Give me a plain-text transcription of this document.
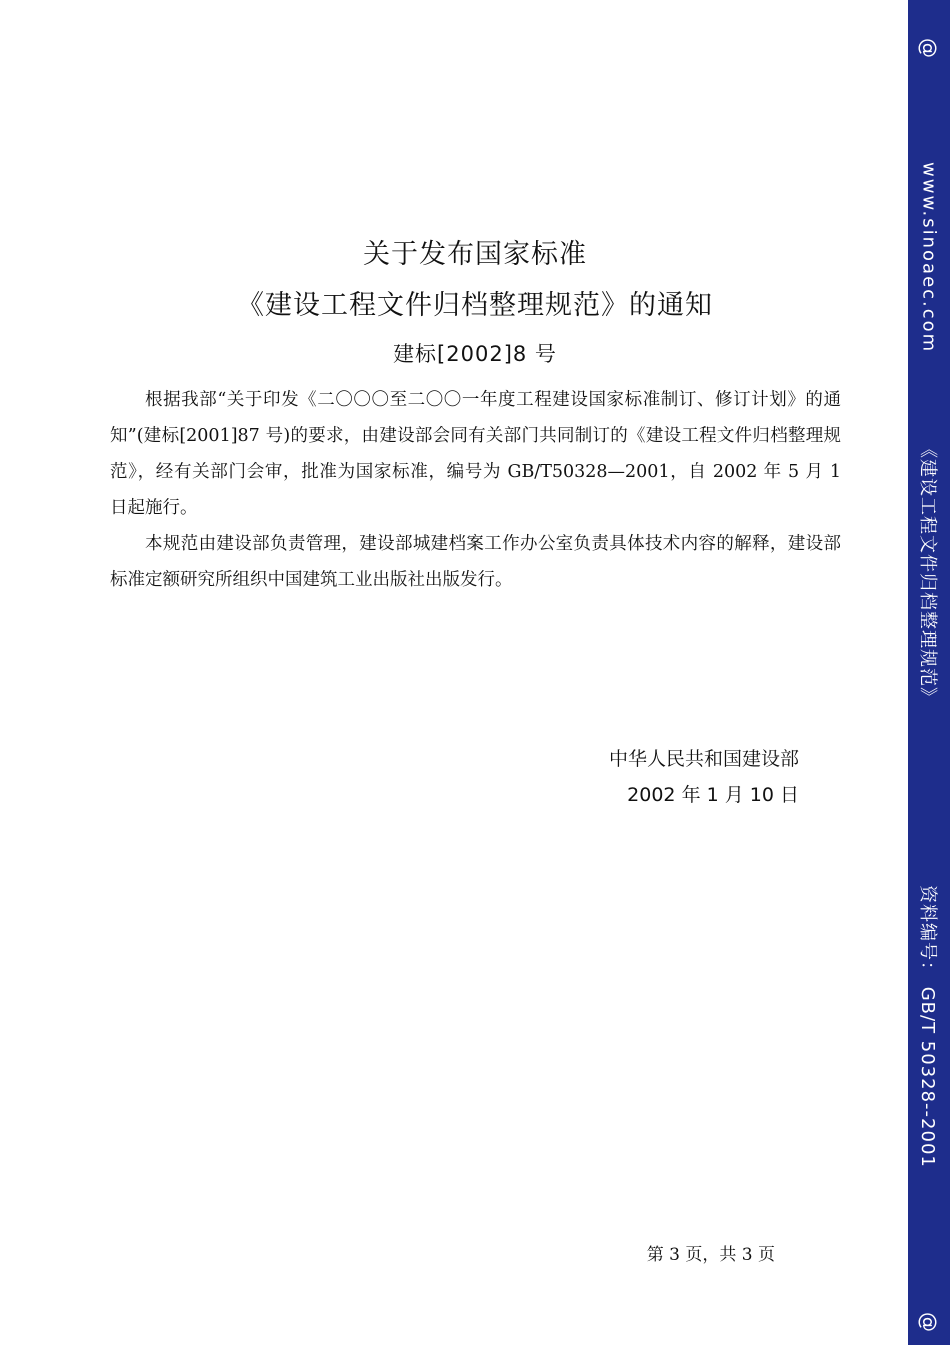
关于发布国家标准
《建设工程文件归档整理规范》的通知
建标[2002]8 号

根据我部“关于印发《二〇〇〇至二〇〇一年度工程建设国家标准制订、修订计划》的通知”(建标[2001]87 号)的要求，由建设部会同有关部门共同制订的《建设工程文件归档整理规范》，经有关部门会审，批准为国家标准，编号为 GB/T50328—2001，自 2002 年 5 月 1 日起施行。

本规范由建设部负责管理，建设部城建档案工作办公室负责具体技术内容的解释，建设部标准定额研究所组织中国建筑工业出版社出版发行。

中华人民共和国建设部
2002 年 1 月 10 日
第 3 页，共 3 页
@
www.sinoaec.com
《建设工程文件归档整理规范》
资料编号： GB/T 50328--2001
@
